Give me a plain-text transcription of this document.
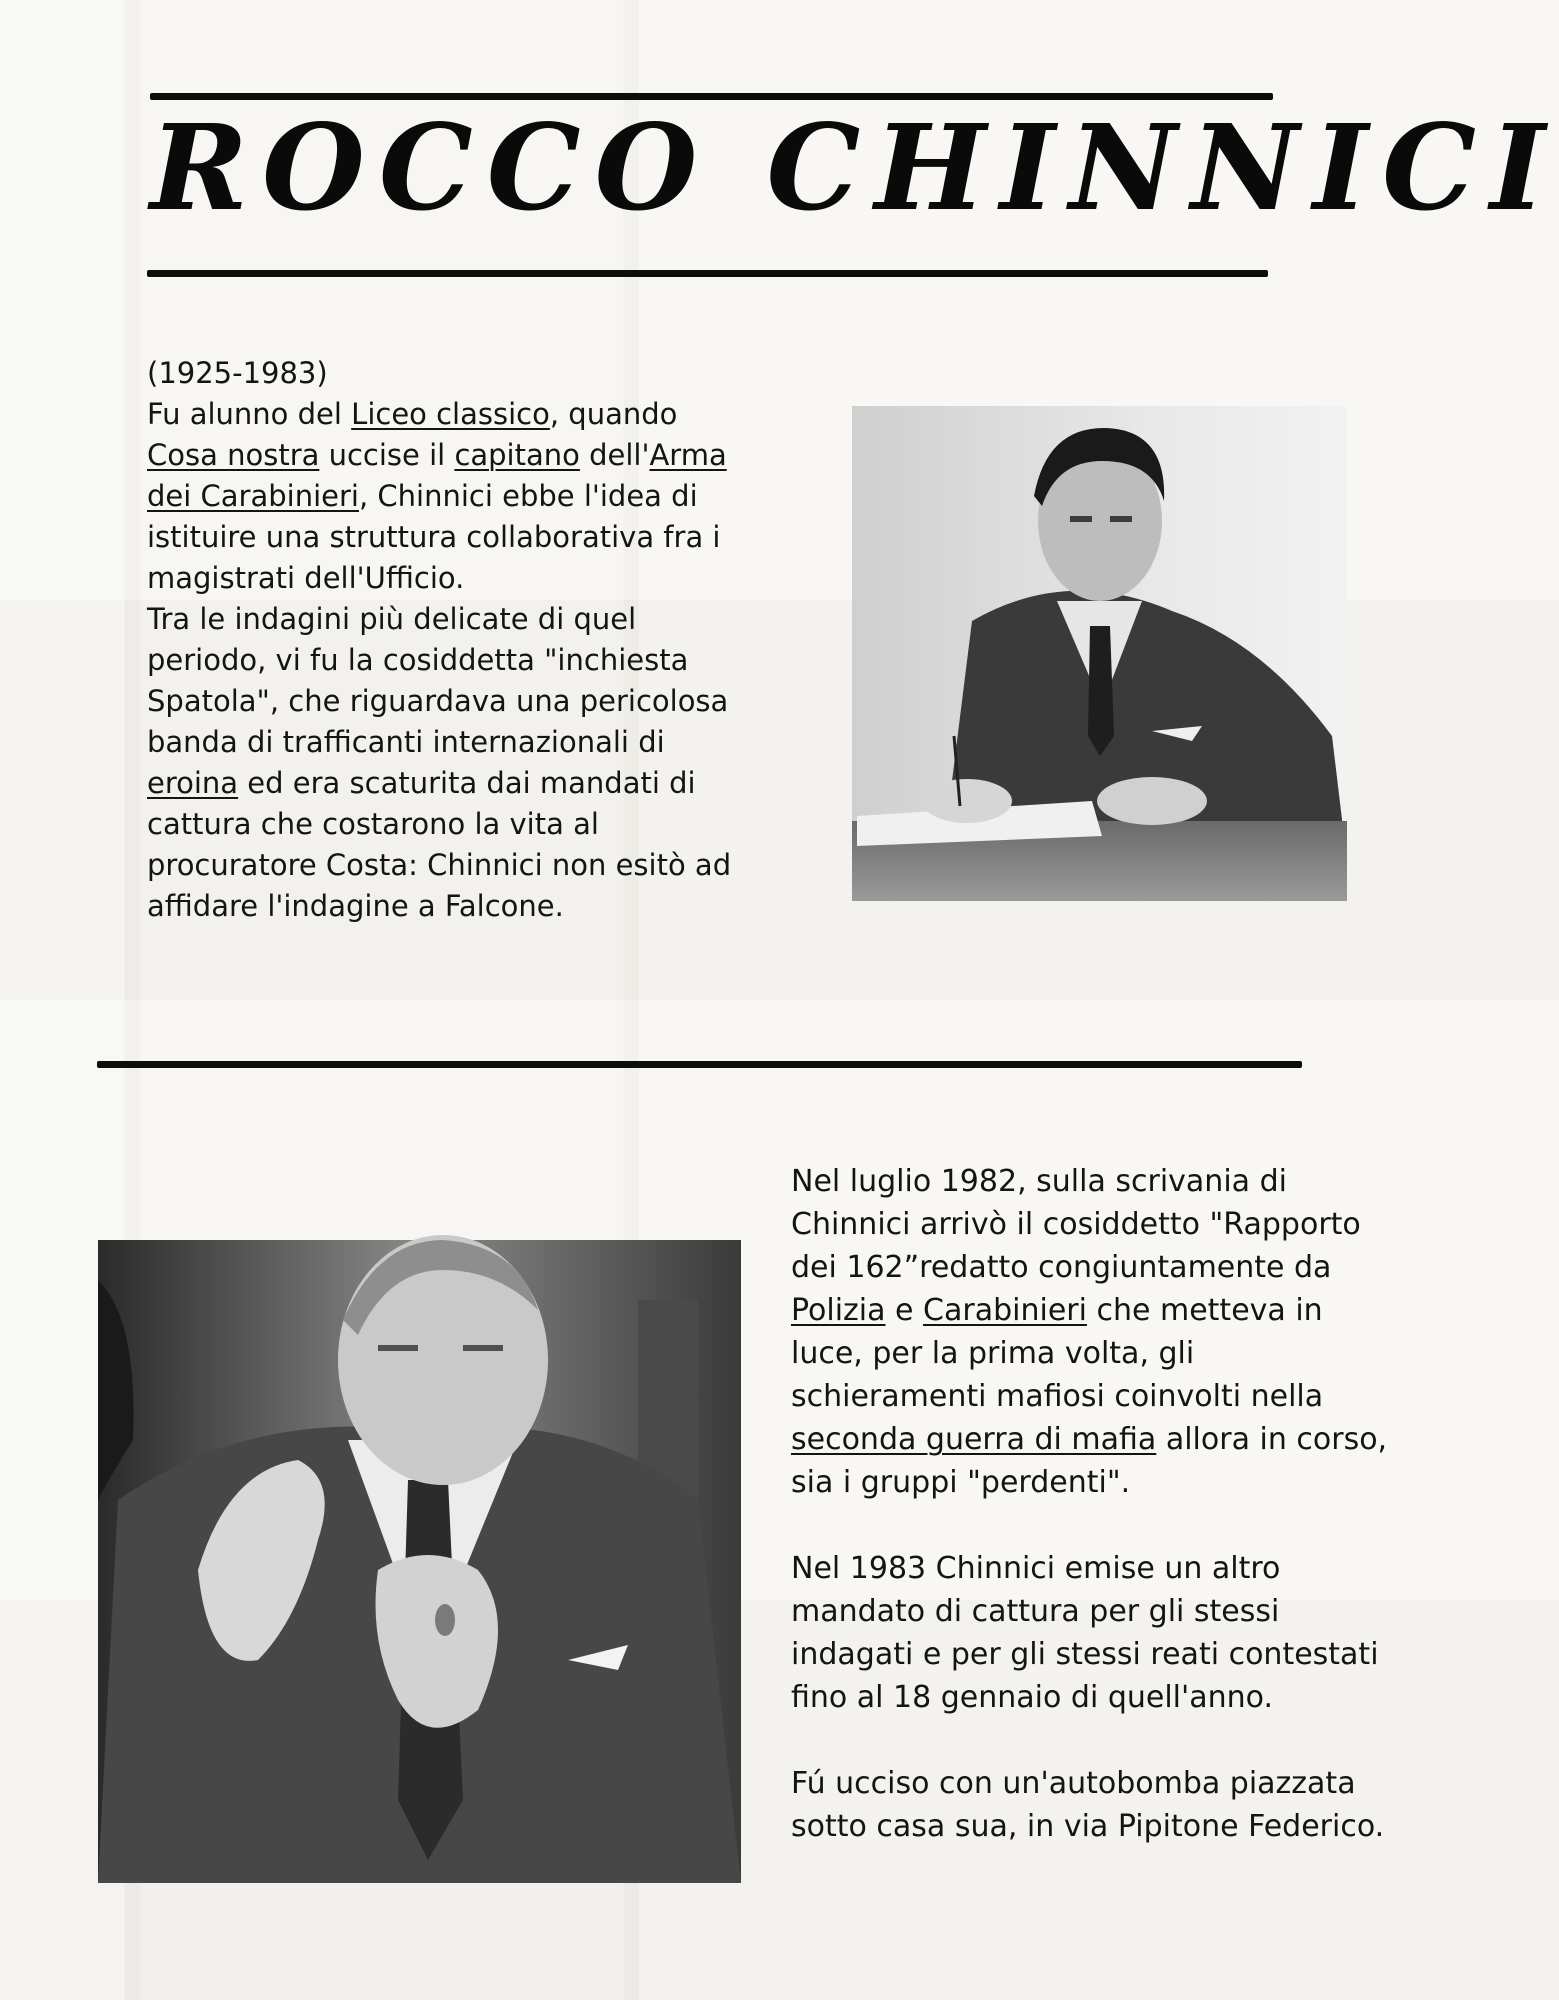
ROCCO CHINNICI

(1925-1983)

Fu alunno del Liceo classico, quando Cosa nostra uccise il capitano dell'Arma dei Carabinieri, Chinnici ebbe l'idea di istituire una struttura collaborativa fra i magistrati dell'Ufficio.

Tra le indagini più delicate di quel periodo, vi fu la cosiddetta "inchiesta Spatola", che riguardava una pericolosa banda di trafficanti internazionali di eroina ed era scaturita dai mandati di cattura che costarono la vita al procuratore Costa: Chinnici non esitò ad affidare l'indagine a Falcone.

Nel luglio 1982, sulla scrivania di Chinnici arrivò il cosiddetto "Rapporto dei 162”redatto congiuntamente da Polizia e Carabinieri che metteva in luce, per la prima volta, gli schieramenti mafiosi coinvolti nella seconda guerra di mafia allora in corso, sia i gruppi "perdenti".

Nel 1983 Chinnici emise un altro mandato di cattura per gli stessi indagati e per gli stessi reati contestati fino al 18 gennaio di quell'anno.

Fú ucciso con un'autobomba piazzata sotto casa sua, in via Pipitone Federico.
